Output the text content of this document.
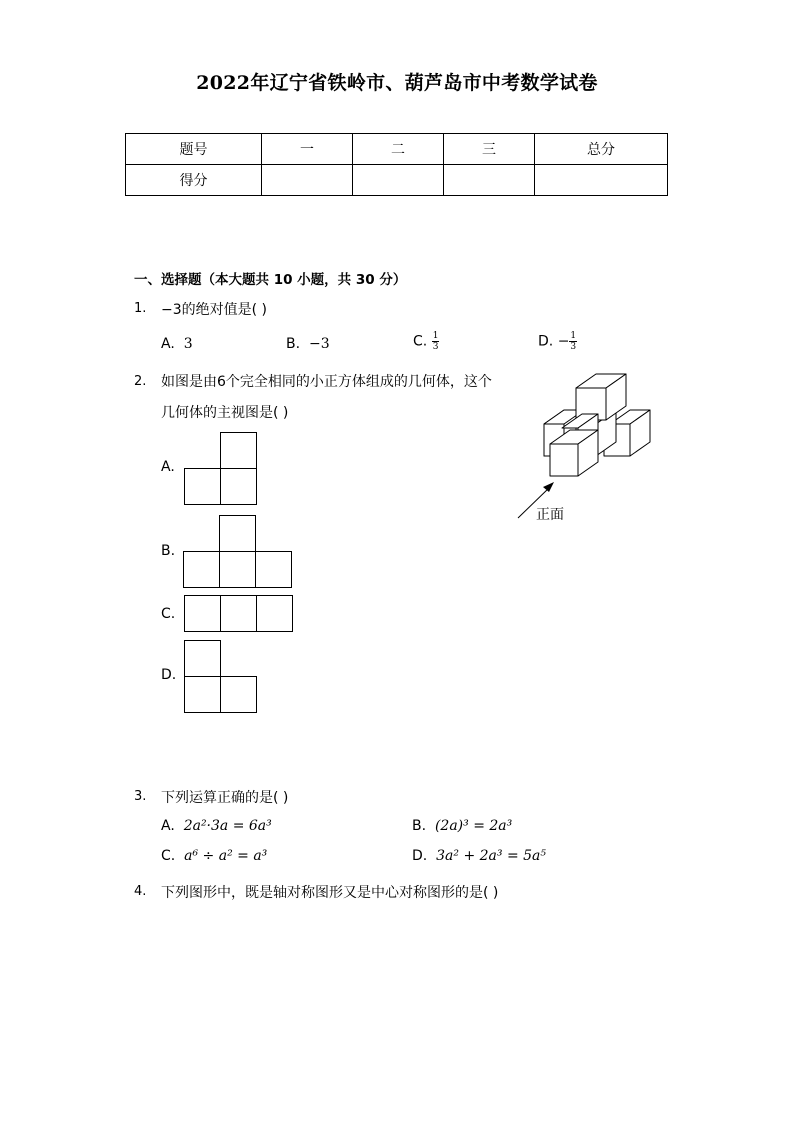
2022年辽宁省铁岭市、葫芦岛市中考数学试卷
题号	一	二	三	总分
得分				
一、选择题（本大题共 10 小题，共 30 分）
1. −3的绝对值是( )
A. 3	B. −3	C. $\frac{1}{3}$	D. − $\frac{1}{3}$
2. 如图是由6个完全相同的小正方体组成的几何体，这个
几何体的主视图是( )
A.
B.
C.
D.
正面
3. 下列运算正确的是( )
A. 2a²·3a = 6a³	B. (2a)³ = 2a³
C. a⁶ ÷ a² = a³	D. 3a² + 2a³ = 5a⁵
4. 下列图形中，既是轴对称图形又是中心对称图形的是( )
